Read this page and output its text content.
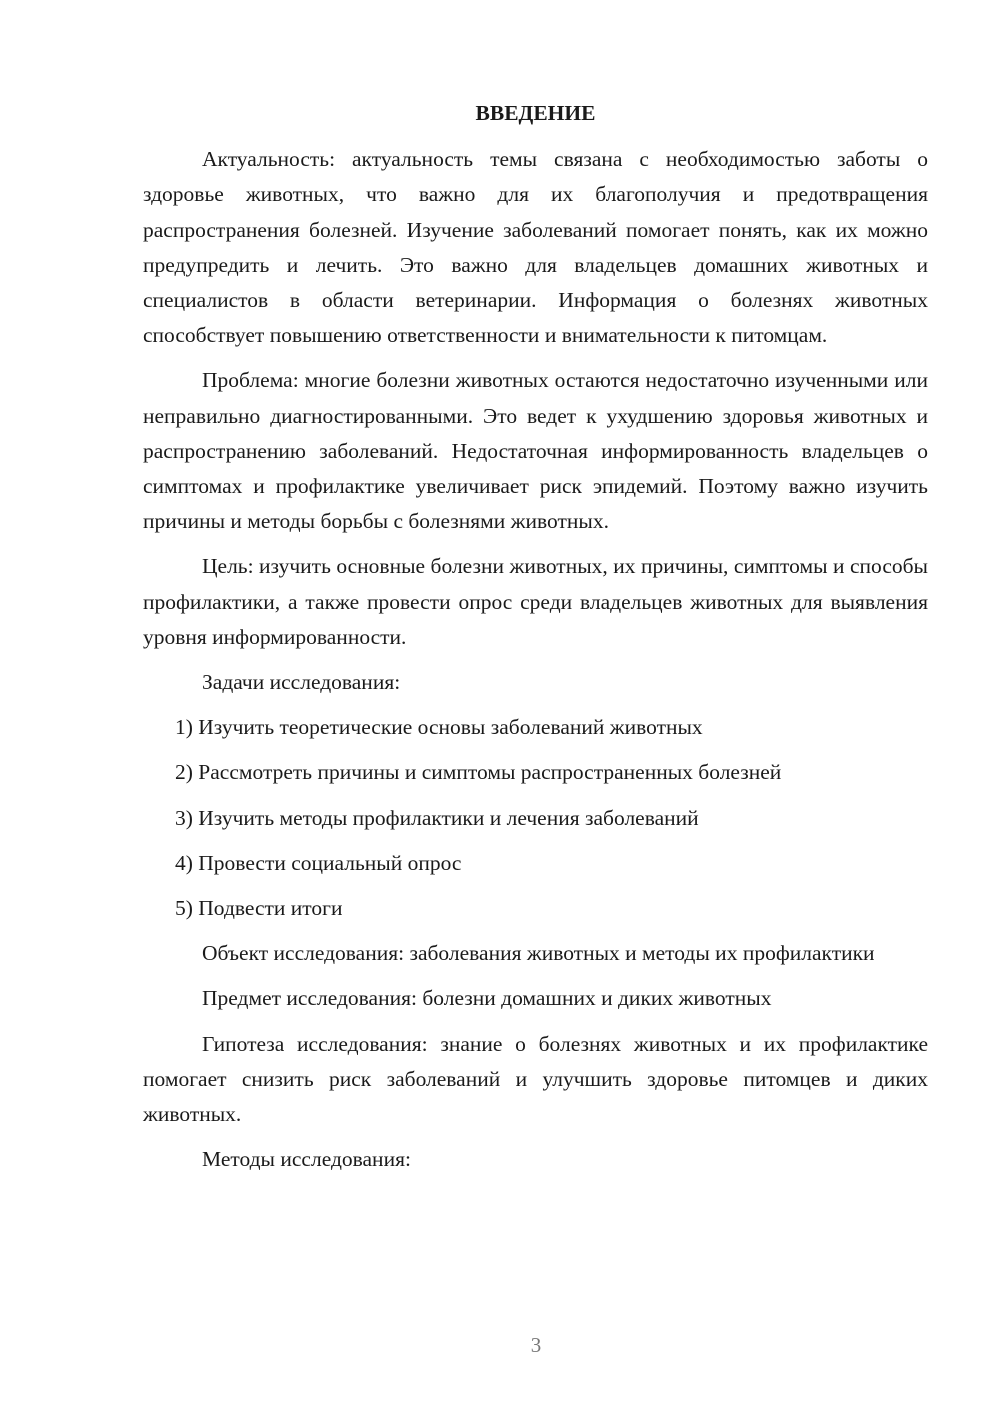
ВВЕДЕНИЕ

Актуальность: актуальность темы связана с необходимостью заботы о здоровье животных, что важно для их благополучия и предотвращения распространения болезней. Изучение заболеваний помогает понять, как их можно предупредить и лечить. Это важно для владельцев домашних животных и специалистов в области ветеринарии. Информация о болезнях животных способствует повышению ответственности и внимательности к питомцам.

Проблема: многие болезни животных остаются недостаточно изученными или неправильно диагностированными. Это ведет к ухудшению здоровья животных и распространению заболеваний. Недостаточная информированность владельцев о симптомах и профилактике увеличивает риск эпидемий. Поэтому важно изучить причины и методы борьбы с болезнями животных.

Цель: изучить основные болезни животных, их причины, симптомы и способы профилактики, а также провести опрос среди владельцев животных для выявления уровня информированности.

Задачи исследования:

1) Изучить теоретические основы заболеваний животных
2) Рассмотреть причины и симптомы распространенных болезней
3) Изучить методы профилактики и лечения заболеваний
4) Провести социальный опрос
5) Подвести итоги

Объект исследования: заболевания животных и методы их профилактики

Предмет исследования: болезни домашних и диких животных

Гипотеза исследования: знание о болезнях животных и их профилактике помогает снизить риск заболеваний и улучшить здоровье питомцев и диких животных.

Методы исследования:

3
